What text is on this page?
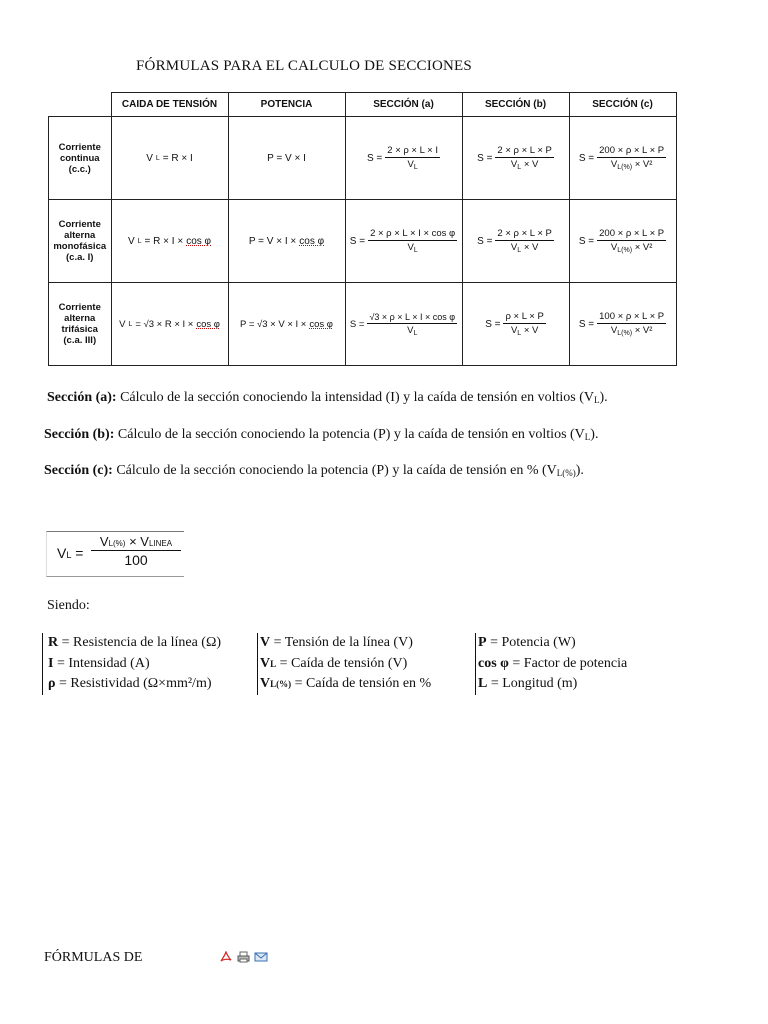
FÓRMULAS PARA EL CALCULO DE SECCIONES
	CAIDA DE TENSIÓN	POTENCIA	SECCIÓN (a)	SECCIÓN (b)	SECCIÓN (c)

Corriente
continua
(c.c.)	V L = R × I	P = V × I	$S = \frac{2 \times \rho \times L \times I}{V_L}$	$S = \frac{2 \times \rho \times L \times P}{V_L \times V}$	$S = \frac{200 \times \rho \times L \times P}{V_{L(\%)} \times V^2}$

Corriente
alterna
monofásica
(c.a. I)	V L = R × I × cos φ	P = V × I × cos φ	$S = \frac{\text{2 × ρ × L × I × cos φ}}{V_L}$	$S = \frac{2 \times \rho \times L \times P}{V_L \times V}$	$S = \frac{200 \times \rho \times L \times P}{V_{L(\%)} \times V^2}$

Corriente
alterna
trifásica
(c.a. III)	V L = √3 × R × I × cos φ	P = √3 × V × I × cos φ	$S = \frac{\text{√3 × ρ × L × I × cos φ}}{V_L}$	$S = \frac{\rho \times L \times P}{V_L \times V}$	$S = \frac{100 \times \rho \times L \times P}{V_{L(\%)} \times V^2}$
Sección (a): Cálculo de la sección conociendo la intensidad (I) y la caída de tensión en voltios $(V_L)$.
Sección (b): Cálculo de la sección conociendo la potencia (P) y la caída de tensión en voltios $(V_L)$.
Sección (c): Cálculo de la sección conociendo la potencia (P) y la caída de tensión en % $(V_{L(\%)})$.
VL =
VL(%) × VLINEA
100
Siendo:
R = Resistencia de la línea (Ω)
I = Intensidad (A)
ρ = Resistividad (Ω×mm²/m)
V = Tensión de la línea (V)
VL = Caída de tensión (V)
VL(%) = Caída de tensión en %
P = Potencia (W)
cos φ = Factor de potencia
L = Longitud (m)
FÓRMULAS DE
